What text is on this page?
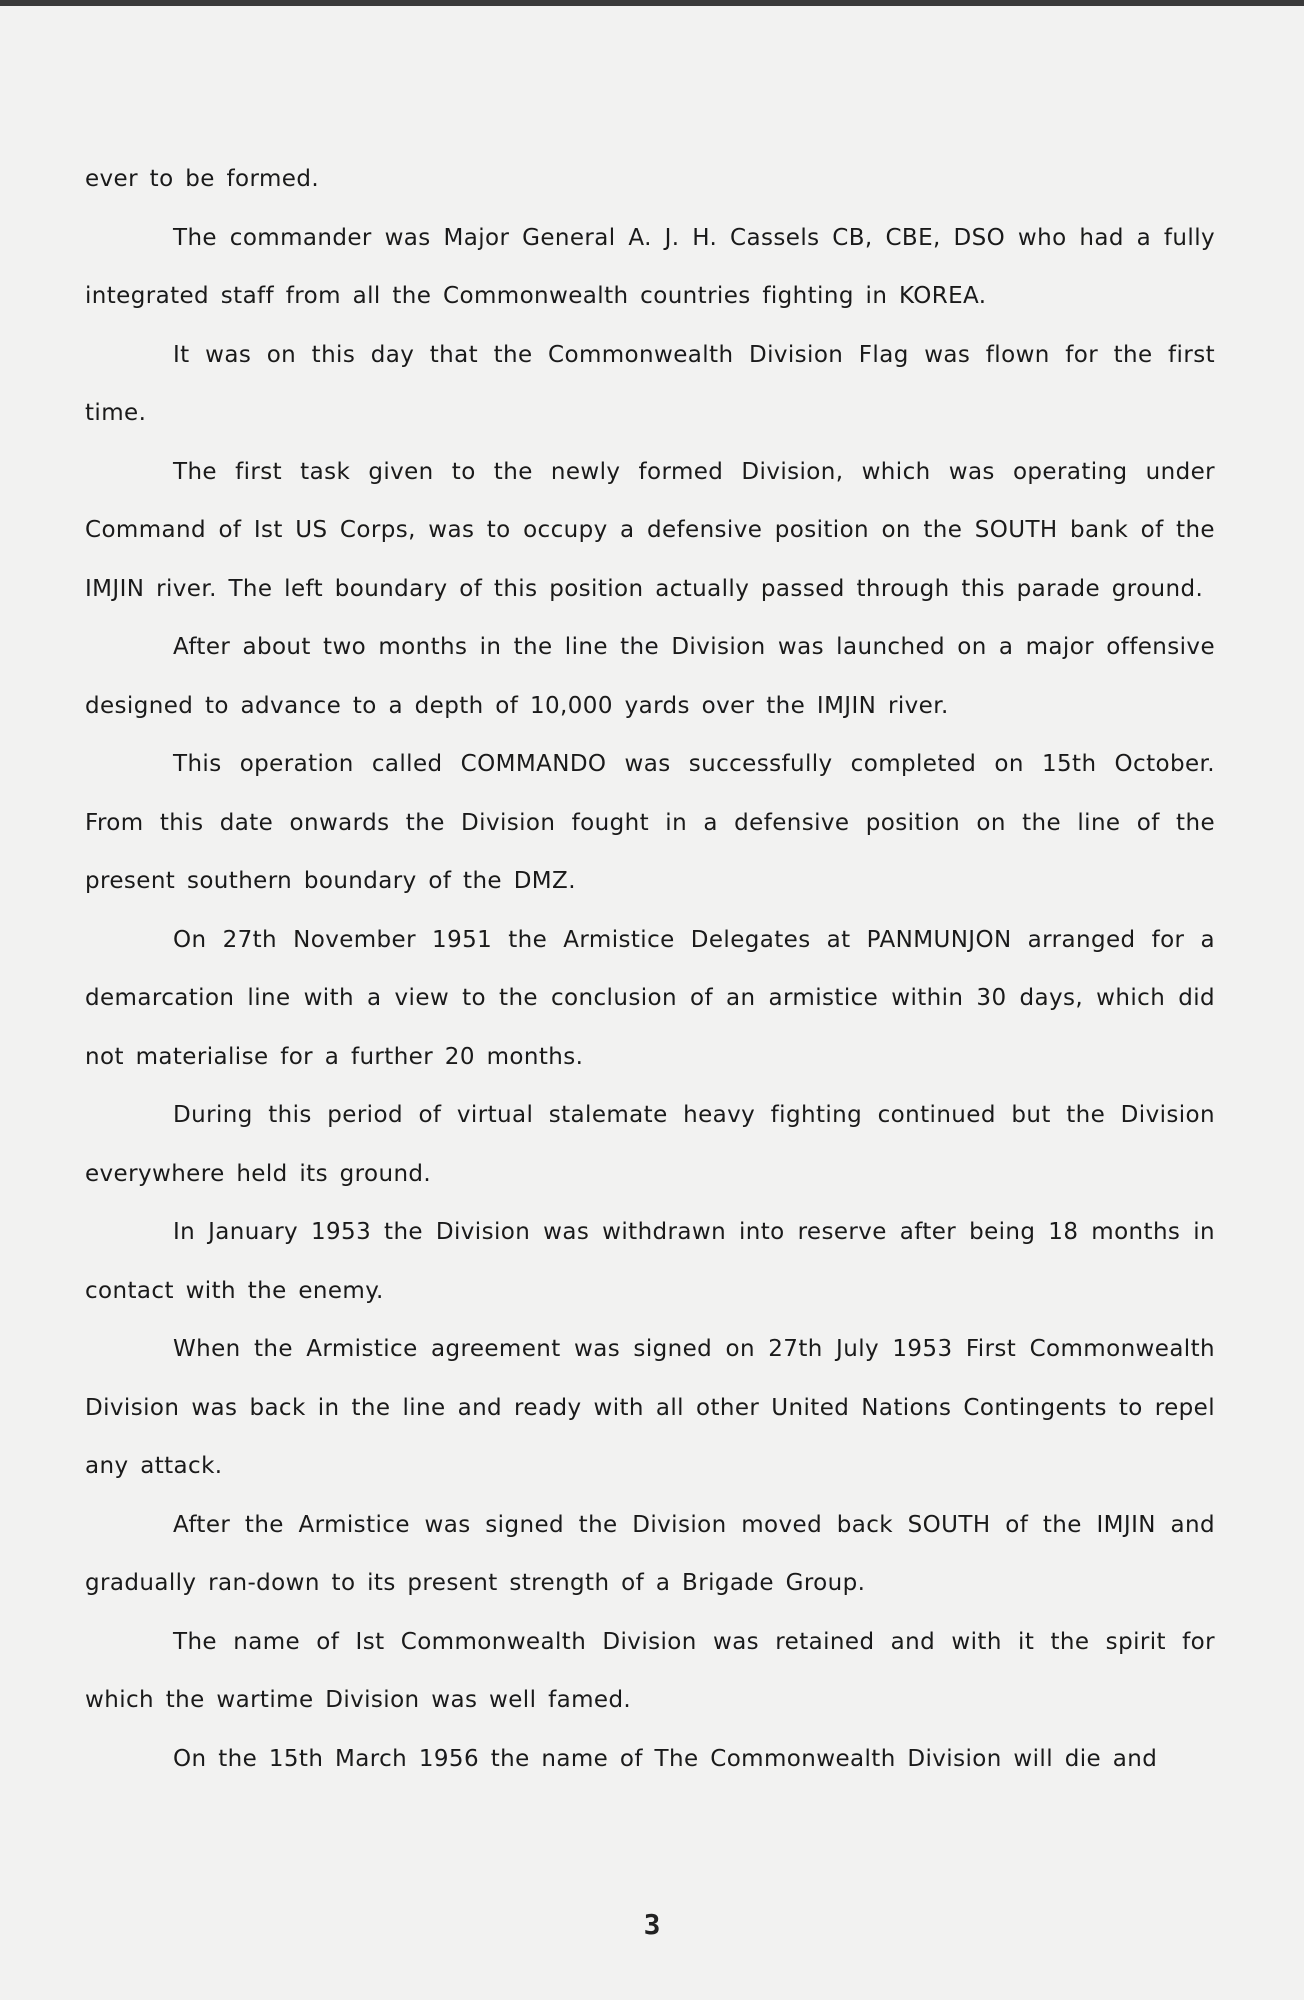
ever to be formed.

The commander was Major General A. J. H. Cassels CB, CBE, DSO who had a fully integrated staff from all the Commonwealth countries fighting in KOREA.

It was on this day that the Commonwealth Division Flag was flown for the first time.

The first task given to the newly formed Division, which was operating under Command of Ist US Corps, was to occupy a defensive position on the SOUTH bank of the IMJIN river. The left boundary of this position actually passed through this parade ground.

After about two months in the line the Division was launched on a major offensive designed to advance to a depth of 10,000 yards over the IMJIN river.

This operation called COMMANDO was successfully completed on 15th October. From this date onwards the Division fought in a defensive position on the line of the present southern boundary of the DMZ.

On 27th November 1951 the Armistice Delegates at PANMUNJON arranged for a demarcation line with a view to the conclusion of an armistice within 30 days, which did not materialise for a further 20 months.

During this period of virtual stalemate heavy fighting continued but the Division everywhere held its ground.

In January 1953 the Division was withdrawn into reserve after being 18 months in contact with the enemy.

When the Armistice agreement was signed on 27th July 1953 First Commonwealth Division was back in the line and ready with all other United Nations Contingents to repel any attack.

After the Armistice was signed the Division moved back SOUTH of the IMJIN and gradually ran-down to its present strength of a Brigade Group.

The name of Ist Commonwealth Division was retained and with it the spirit for which the wartime Division was well famed.

On the 15th March 1956 the name of The Commonwealth Division will die and

3
